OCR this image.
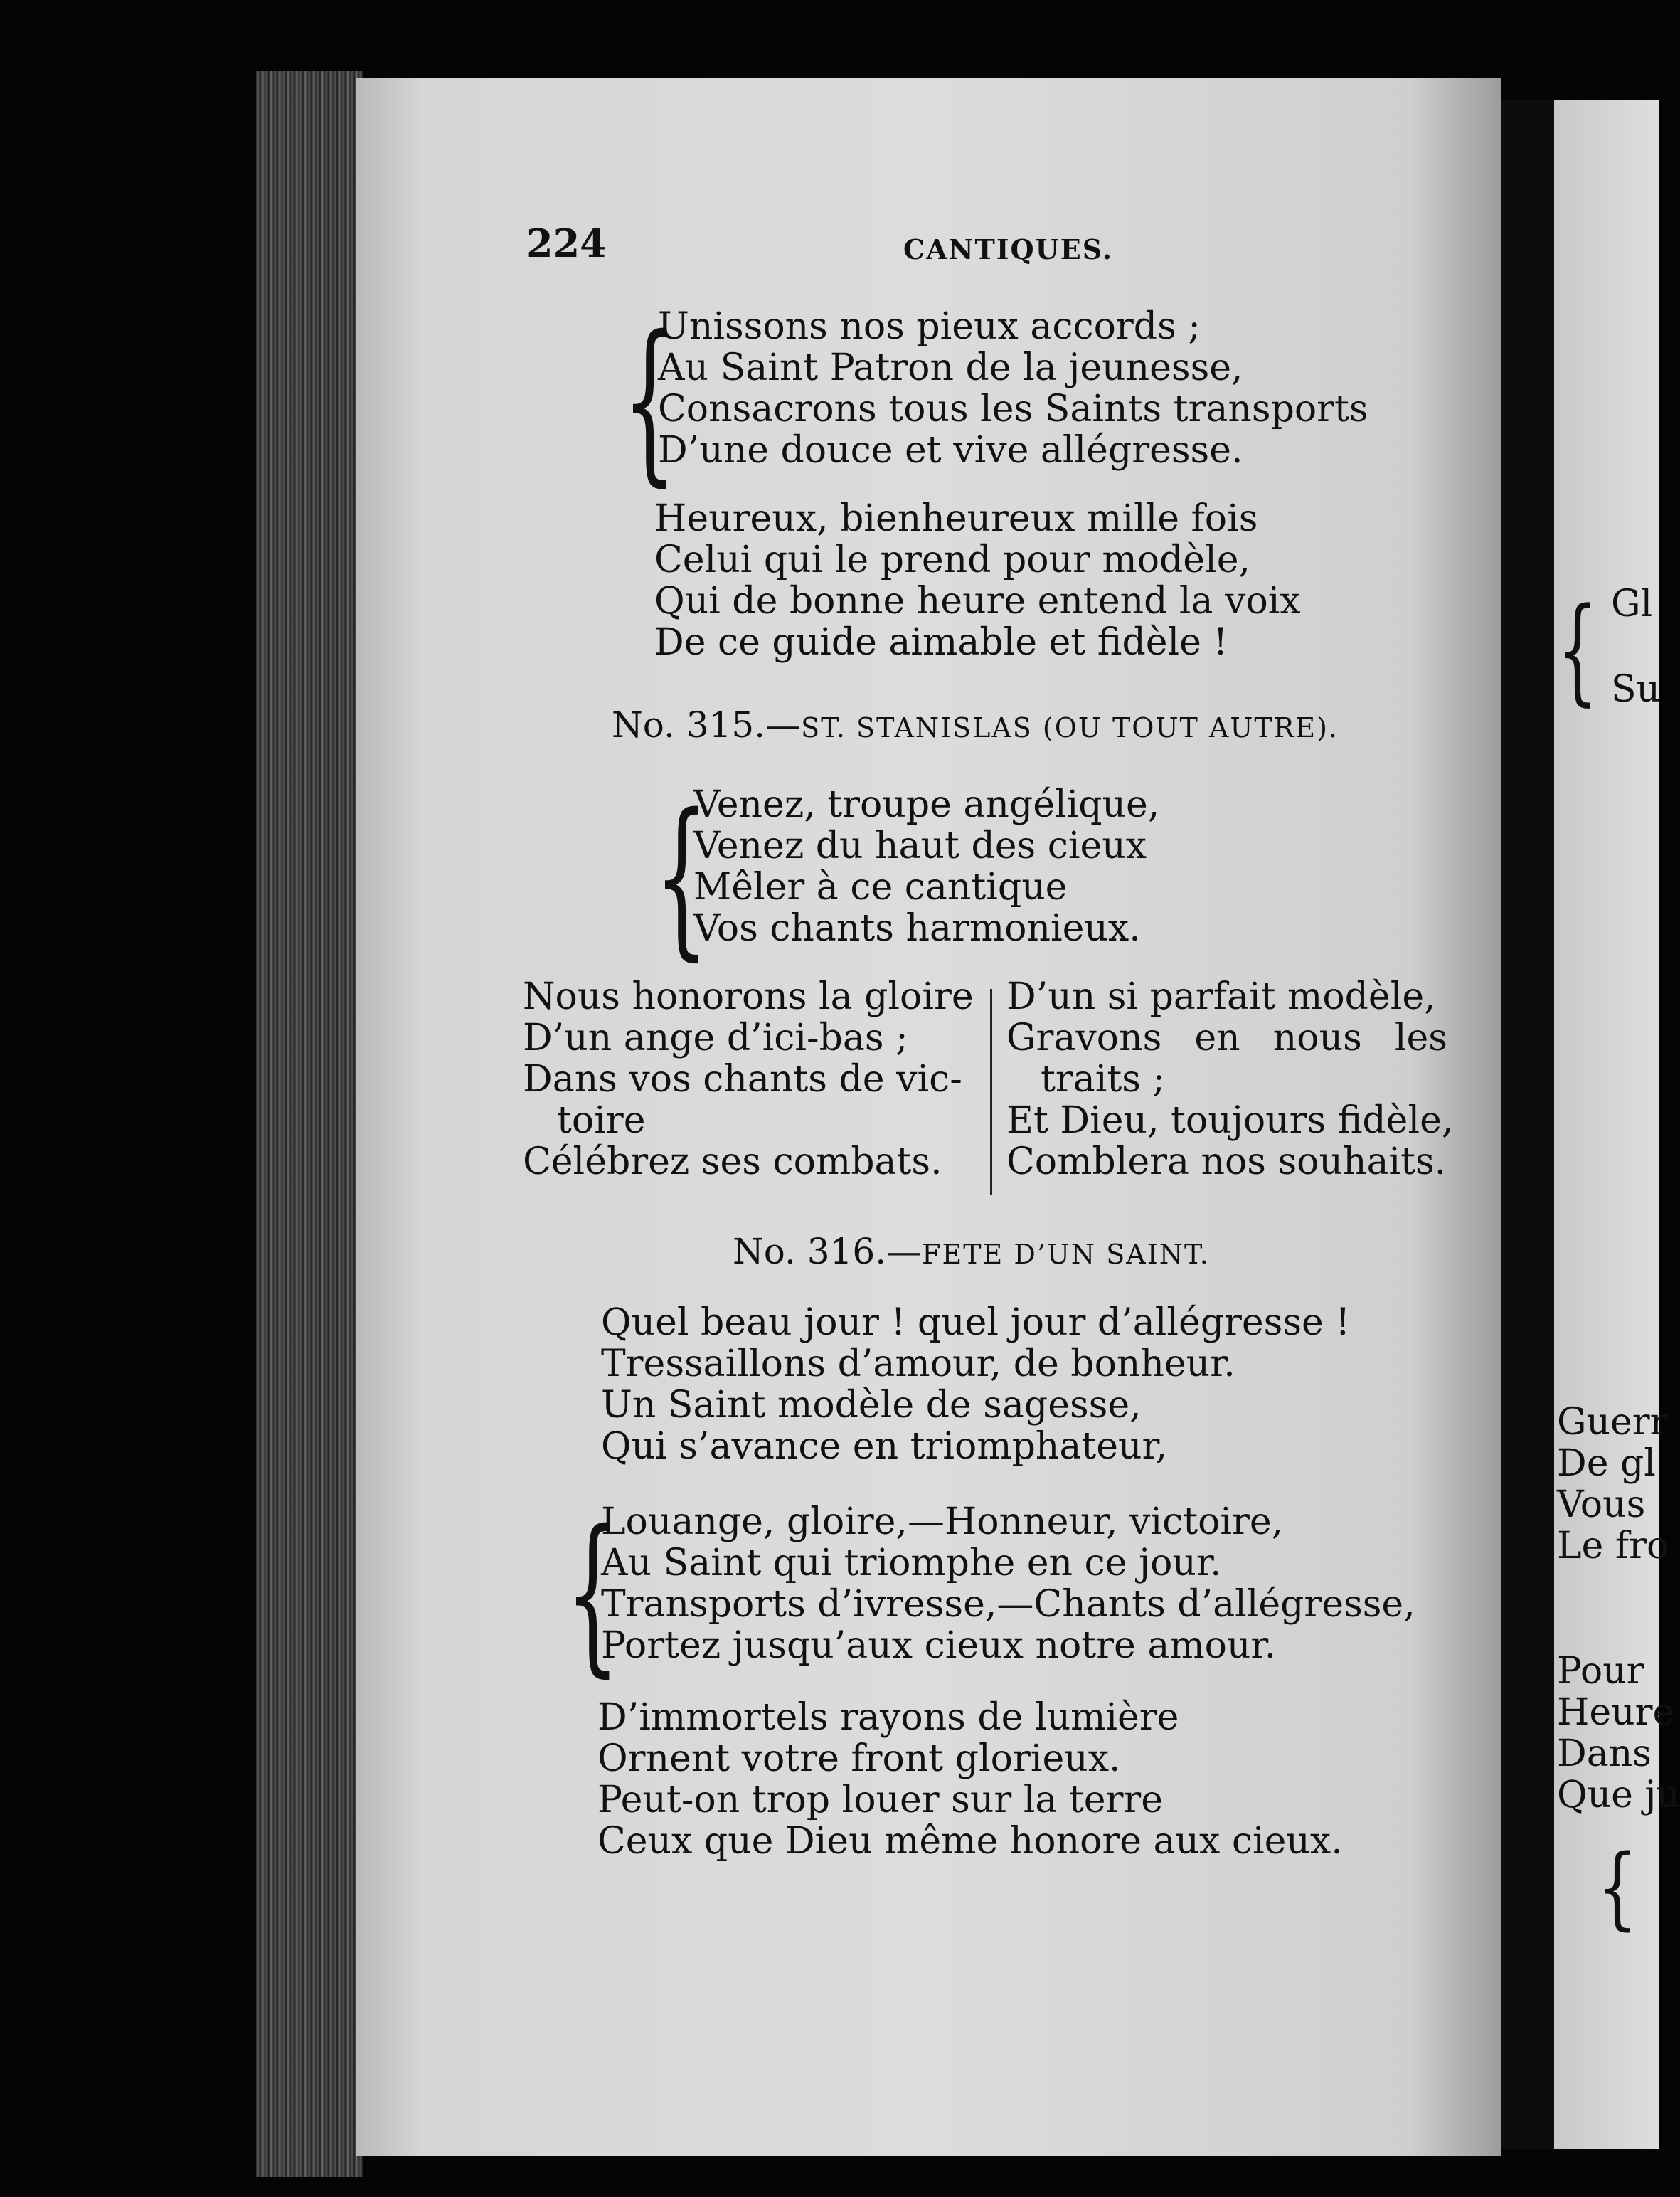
224	CANTIQUES.
{
Unissons nos pieux accords ;
Au Saint Patron de la jeunesse,
Consacrons tous les Saints transports
D’une douce et vive allégresse.
Heureux, bienheureux mille fois
Celui qui le prend pour modèle,
Qui de bonne heure entend la voix
De ce guide aimable et fidèle !
No. 315.—ST. STANISLAS (OU TOUT AUTRE).
{
Venez, troupe angélique,
Venez du haut des cieux
Mêler à ce cantique
Vos chants harmonieux.
Nous honorons la gloire
D’un ange d’ici-bas ;
Dans vos chants de vic-
toire
Célébrez ses combats.
D’un si parfait modèle,
Gravons en nous les
traits ;
Et Dieu, toujours fidèle,
Comblera nos souhaits.
No. 316.—FETE D’UN SAINT.
Quel beau jour ! quel jour d’allégresse !
Tressaillons d’amour, de bonheur.
Un Saint modèle de sagesse,
Qui s’avance en triomphateur,
{
Louange, gloire,—Honneur, victoire,
Au Saint qui triomphe en ce jour.
Transports d’ivresse,—Chants d’allégresse,
Portez jusqu’aux cieux notre amour.
D’immortels rayons de lumière
Ornent votre front glorieux.
Peut-on trop louer sur la terre
Ceux que Dieu même honore aux cieux.
{ Gl
Su
Guerr
De gl
Vous
Le fro
Pour
Heure
Dans
Que ju
{
